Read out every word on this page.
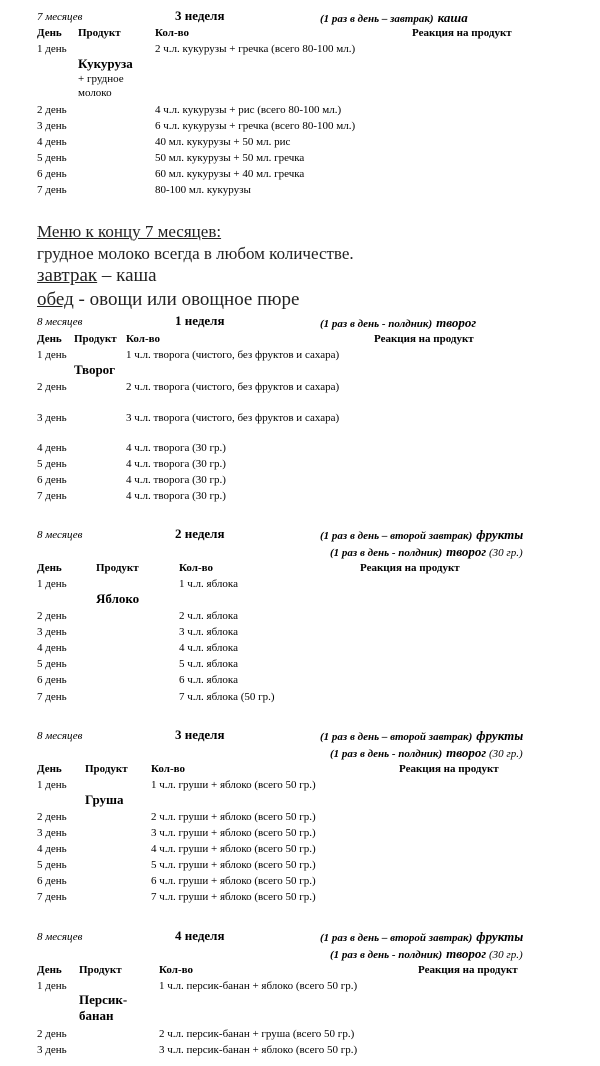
7 месяцев	3 неделя	(1 раз в день – завтрак) каша
День Продукт	Кол-во	Реакция на продукт
Кукуруза
+ грудное молоко
1 день	2 ч.л. кукурузы + гречка (всего 80-100 мл.)
2 день	4 ч.л. кукурузы + рис (всего 80-100 мл.)
3 день	6 ч.л. кукурузы + гречка (всего 80-100 мл.)
4 день	40 мл. кукурузы + 50 мл. рис
5 день	50 мл. кукурузы + 50 мл. гречка
6 день	60 мл. кукурузы + 40 мл. гречка
7 день	80-100 мл. кукурузы
Меню к концу 7 месяцев:
грудное молоко всегда в любом количестве.
завтрак – каша
обед - овощи или овощное пюре
8 месяцев	1 неделя	(1 раз в день - полдник) творог
День Продукт Кол-во	Реакция на продукт
Творог
1 день	1 ч.л. творога (чистого, без фруктов и сахара)
2 день	2 ч.л. творога (чистого, без фруктов и сахара)
3 день	3 ч.л. творога (чистого, без фруктов и сахара)
4 день	4 ч.л. творога (30 гр.)
5 день	4 ч.л. творога (30 гр.)
6 день	4 ч.л. творога (30 гр.)
7 день	4 ч.л. творога (30 гр.)
8 месяцев	2 неделя	(1 раз в день – второй завтрак) фрукты
(1 раз в день - полдник) творог (30 гр.)
День	Продукт	Кол-во	Реакция на продукт
Яблоко
1 день	1 ч.л. яблока
2 день	2 ч.л. яблока
3 день	3 ч.л. яблока
4 день	4 ч.л. яблока
5 день	5 ч.л. яблока
6 день	6 ч.л. яблока
7 день	7 ч.л. яблока (50 гр.)
8 месяцев	3 неделя	(1 раз в день – второй завтрак) фрукты
(1 раз в день - полдник) творог (30 гр.)
День Продукт Кол-во	Реакция на продукт
Груша
1 день	1 ч.л. груши + яблоко (всего 50 гр.)
2 день	2 ч.л. груши + яблоко (всего 50 гр.)
3 день	3 ч.л. груши + яблоко (всего 50 гр.)
4 день	4 ч.л. груши + яблоко (всего 50 гр.)
5 день	5 ч.л. груши + яблоко (всего 50 гр.)
6 день	6 ч.л. груши + яблоко (всего 50 гр.)
7 день	7 ч.л. груши + яблоко (всего 50 гр.)
8 месяцев	4 неделя	(1 раз в день – второй завтрак) фрукты
(1 раз в день - полдник) творог (30 гр.)
День Продукт	Кол-во	Реакция на продукт
Персик-банан
1 день	1 ч.л. персик-банан + яблоко (всего 50 гр.)
2 день	2 ч.л. персик-банан + груша (всего 50 гр.)
3 день	3 ч.л. персик-банан + яблоко (всего 50 гр.)
